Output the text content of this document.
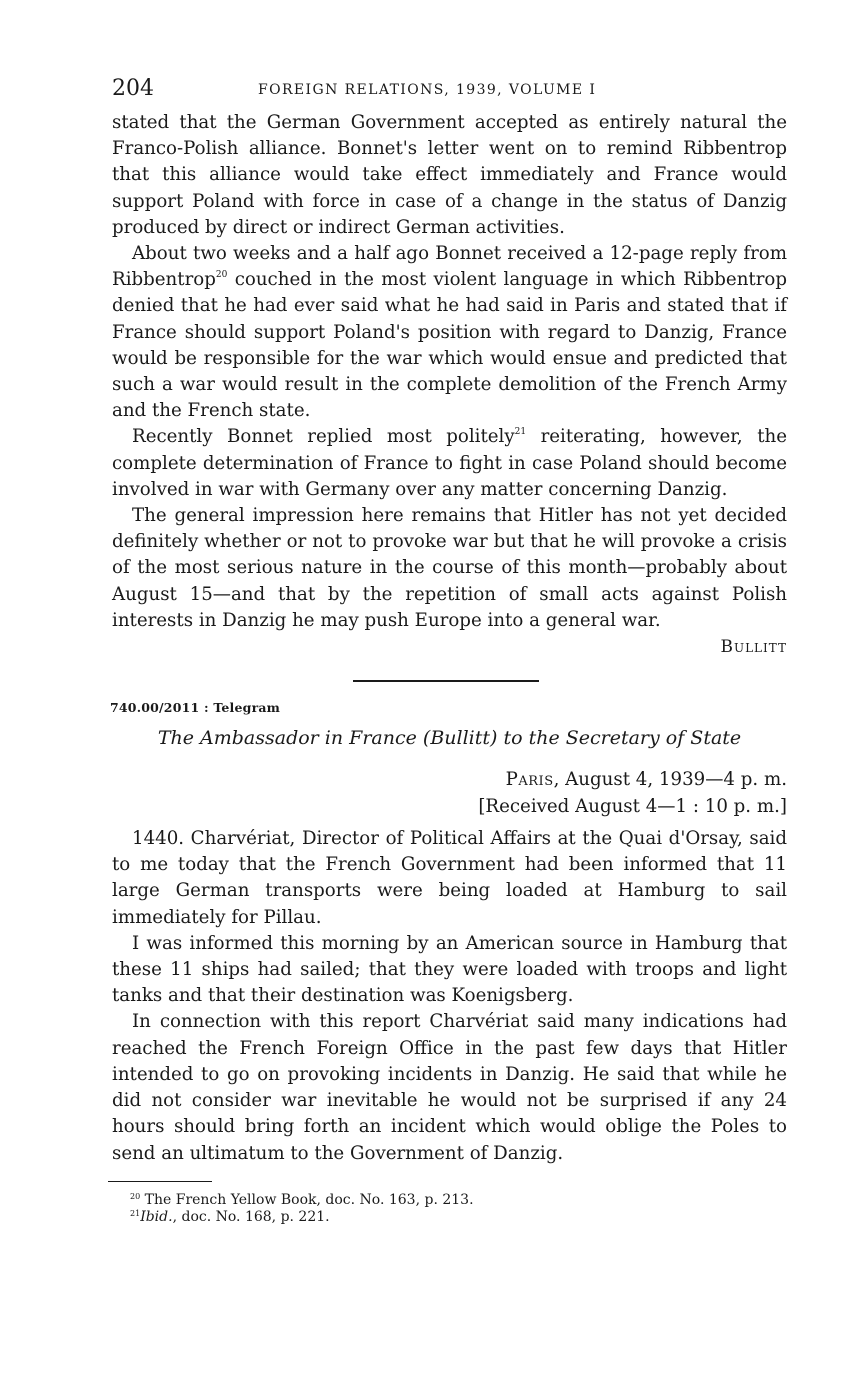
204	FOREIGN RELATIONS, 1939, VOLUME I

stated that the German Government accepted as entirely natural the Franco-Polish alliance. Bonnet's letter went on to remind Ribbentrop that this alliance would take effect immediately and France would support Poland with force in case of a change in the status of Danzig produced by direct or indirect German activities.

About two weeks and a half ago Bonnet received a 12-page reply from Ribbentrop$^{20}$ couched in the most violent language in which Ribbentrop denied that he had ever said what he had said in Paris and stated that if France should support Poland's position with regard to Danzig, France would be responsible for the war which would ensue and predicted that such a war would result in the complete demolition of the French Army and the French state.

Recently Bonnet replied most politely$^{21}$ reiterating, however, the complete determination of France to fight in case Poland should become involved in war with Germany over any matter concerning Danzig.

The general impression here remains that Hitler has not yet decided definitely whether or not to provoke war but that he will provoke a crisis of the most serious nature in the course of this month—probably about August 15—and that by the repetition of small acts against Polish interests in Danzig he may push Europe into a general war.

Bullitt

740.00/2011 : Telegram
The Ambassador in France (Bullitt) to the Secretary of State
Paris, August 4, 1939—4 p. m.
[Received August 4—1 : 10 p. m.]

1440. Charvériat, Director of Political Affairs at the Quai d'Orsay, said to me today that the French Government had been informed that 11 large German transports were being loaded at Hamburg to sail immediately for Pillau.

I was informed this morning by an American source in Hamburg that these 11 ships had sailed; that they were loaded with troops and light tanks and that their destination was Koenigsberg.

In connection with this report Charvériat said many indications had reached the French Foreign Office in the past few days that Hitler intended to go on provoking incidents in Danzig. He said that while he did not consider war inevitable he would not be surprised if any 24 hours should bring forth an incident which would oblige the Poles to send an ultimatum to the Government of Danzig.

$^{20}$ The French Yellow Book, doc. No. 163, p. 213.

$^{21}$Ibid., doc. No. 168, p. 221.
